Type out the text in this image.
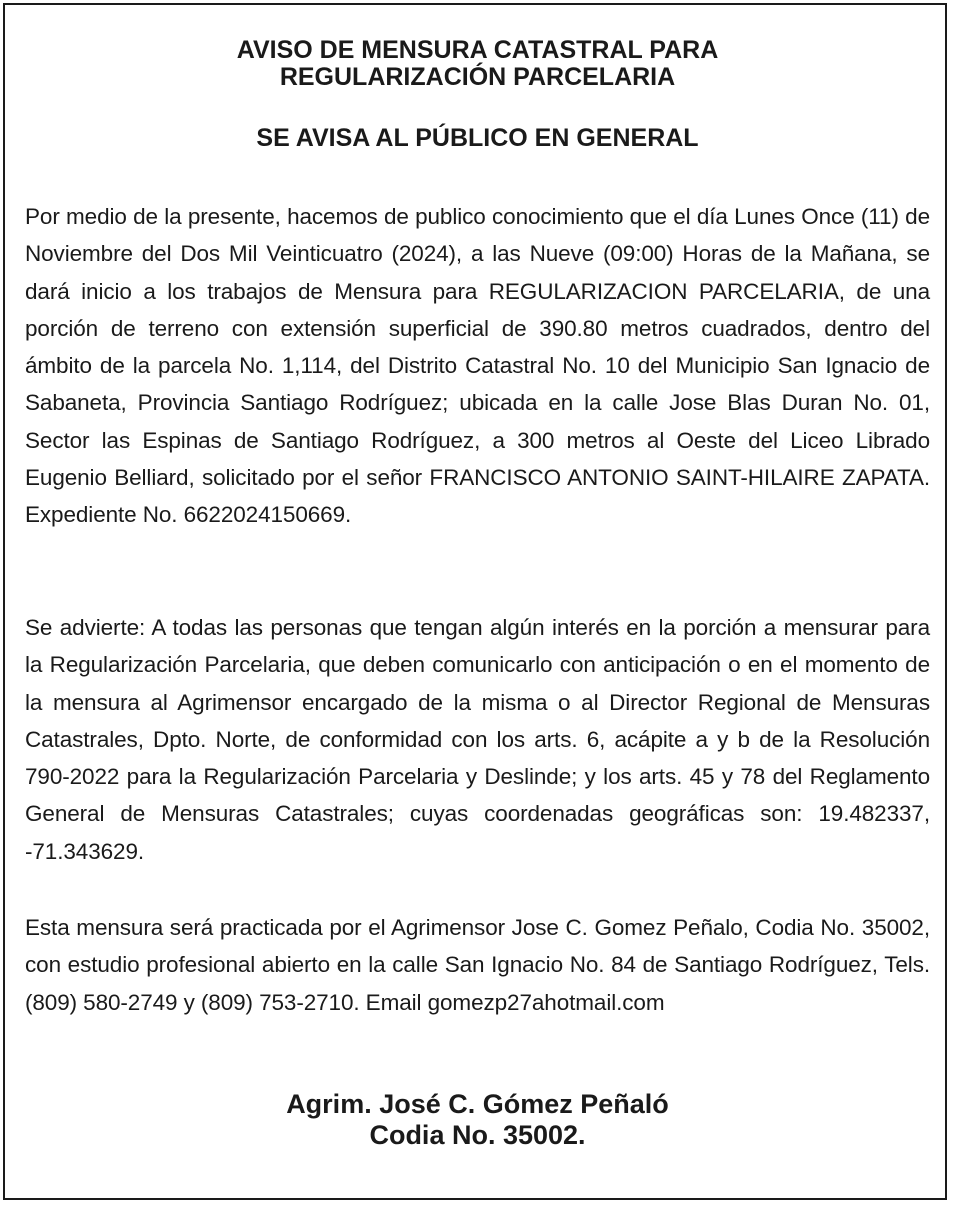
AVISO DE MENSURA CATASTRAL PARA
REGULARIZACIÓN PARCELARIA
SE AVISA AL PÚBLICO EN GENERAL

Por medio de la presente, hacemos de publico conocimiento que el día Lunes Once (11) de Noviembre del Dos Mil Veinticuatro (2024), a las Nueve (09:00) Horas de la Mañana, se dará inicio a los trabajos de Mensura para REGULARIZACION PARCELARIA, de una porción de terreno con extensión superficial de 390.80 metros cuadrados, dentro del ámbito de la parcela No. 1,114, del Distrito Catastral No. 10 del Municipio San Ignacio de Sabaneta, Provincia Santiago Rodríguez; ubicada en la calle Jose Blas Duran No. 01, Sector las Espinas de Santiago Rodríguez, a 300 metros al Oeste del Liceo Librado Eugenio Belliard, solicitado por el señor FRANCISCO ANTONIO SAINT-HILAIRE ZAPATA. Expediente No. 6622024150669.

Se advierte: A todas las personas que tengan algún interés en la porción a mensurar para la Regularización Parcelaria, que deben comunicarlo con anticipación o en el momento de la mensura al Agrimensor encargado de la misma o al Director Regional de Mensuras Catastrales, Dpto. Norte, de conformidad con los arts. 6, acápite a y b de la Resolución 790-2022 para la Regularización Parcelaria y Deslinde; y los arts. 45 y 78 del Reglamento General de Mensuras Catastrales; cuyas coordenadas geográficas son: 19.482337, -71.343629.

Esta mensura será practicada por el Agrimensor Jose C. Gomez Peñalo, Codia No. 35002, con estudio profesional abierto en la calle San Ignacio No. 84 de Santiago Rodríguez, Tels. (809) 580-2749 y (809) 753-2710. Email gomezp27ahotmail.com

Agrim. José C. Gómez Peñaló
Codia No. 35002.
